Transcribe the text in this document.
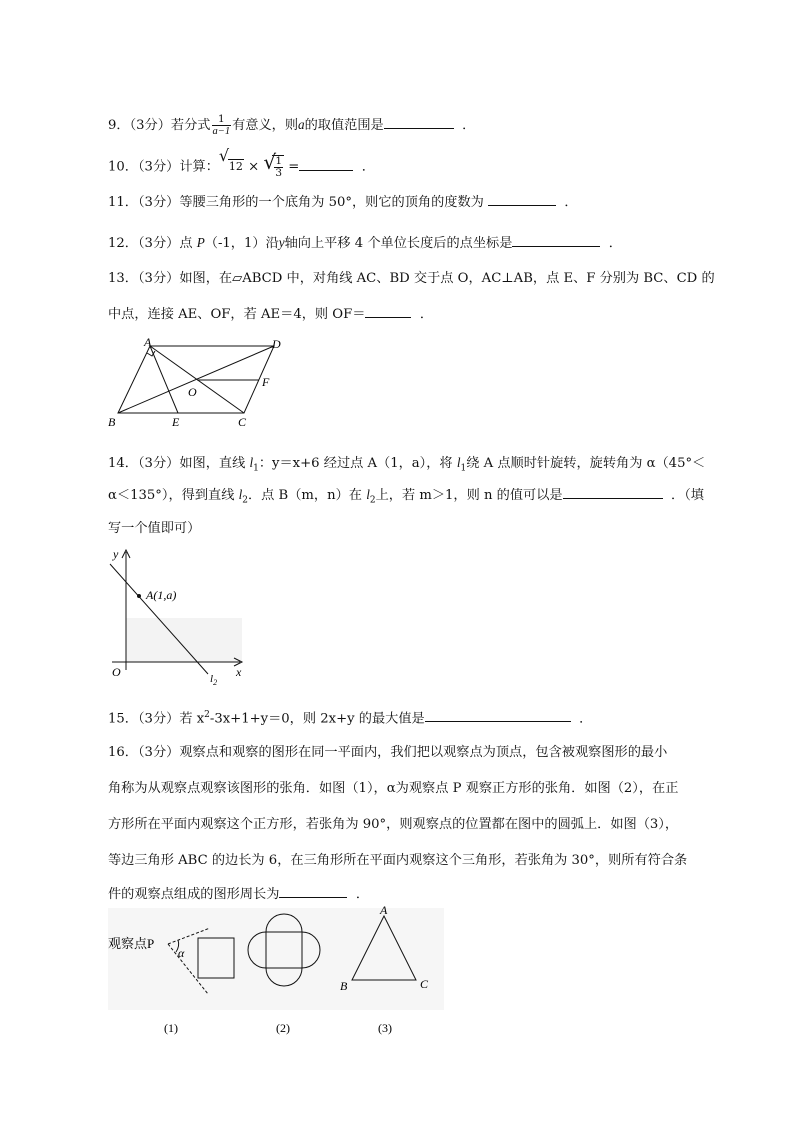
9．（3分）若分式 $\frac{1}{a-1}$ 有意义，则a的取值范围是	．
10．（3分）计算：
√
12 × √
$\frac{1}{3}$ =	．
11．（3分）等腰三角形的一个底角为 50°，则它的顶角的度数为	．
12．（3分）点 P（-1，1）沿y轴向上平移 4 个单位长度后的点坐标是	．
13．（3分）如图，在▱ABCD 中，对角线 AC、BD 交于点 O，AC⊥AB，点 E、F 分别为 BC、CD 的
中点，连接 AE、OF，若 AE＝4，则 OF＝	．
A	D
B	E	C
F
O
14．（3分）如图，直线 $l_1$：y＝x+6 经过点 A（1，a），将 $l_1$绕 A 点顺时针旋转，旋转角为 α（45°＜
α＜135°），得到直线 $l_2$．点 B（m，n）在 $l_2$上，若 m＞1，则 n 的值可以是	．（填
写一个值即可）
y
x
O
A(1,a)
$l_2$
15．（3分）若 $x^2-3x+1+y=0$，则 2x+y 的最大值是	．
16．（3分）观察点和观察的图形在同一平面内，我们把以观察点为顶点，包含被观察图形的最小
角称为从观察点观察该图形的张角．如图（1），α为观察点 P 观察正方形的张角．如图（2），在正
方形所在平面内观察这个正方形，若张角为 90°，则观察点的位置都在图中的圆弧上．如图（3），
等边三角形 ABC 的边长为 6，在三角形所在平面内观察这个三角形，若张角为 30°，则所有符合条
件的观察点组成的图形周长为	．
观察点P
α
(1)	(2)
A
B	C
(3)
